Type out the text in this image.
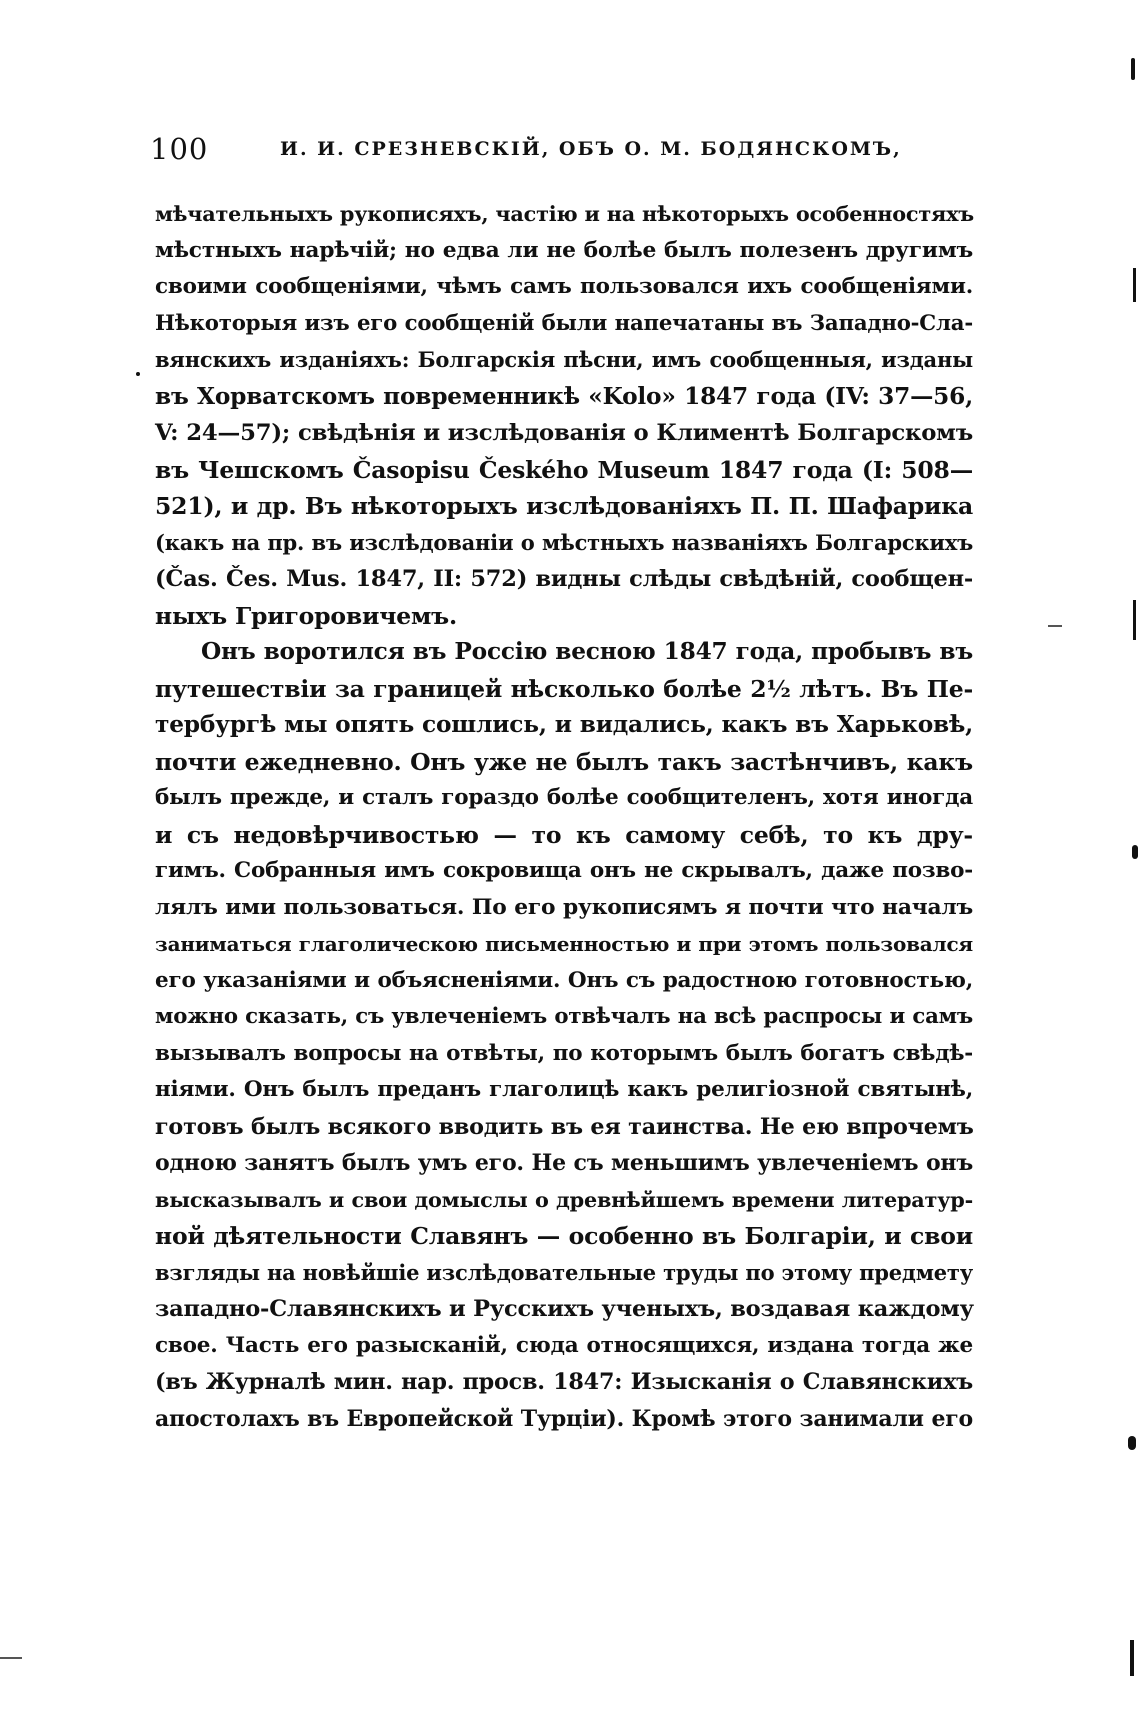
100	И. И. СРЕЗНЕВСКІЙ, ОБЪ О. М. БОДЯНСКОМЪ,
мѣчательныхъ рукописяхъ, частію и на нѣкоторыхъ особенностяхъ
мѣстныхъ нарѣчій; но едва ли не болѣе былъ полезенъ другимъ
своими сообщеніями, чѣмъ самъ пользовался ихъ сообщеніями.
Нѣкоторыя изъ его сообщеній были напечатаны въ Западно-Сла-
вянскихъ изданіяхъ: Болгарскія пѣсни, имъ сообщенныя, изданы
въ Хорватскомъ повременникѣ «Kolo» 1847 года (IV: 37—56,
V: 24—57); свѣдѣнія и изслѣдованія о Климентѣ Болгарскомъ
въ Чешскомъ Časopisu Českého Museum 1847 года (I: 508—
521), и др. Въ нѣкоторыхъ изслѣдованіяхъ П. П. Шафарика
(какъ на пр. въ изслѣдованіи о мѣстныхъ названіяхъ Болгарскихъ
(Čas. Čes. Mus. 1847, II: 572) видны слѣды свѣдѣній, сообщен-
ныхъ Григоровичемъ.
Онъ воротился въ Россію весною 1847 года, пробывъ въ
путешествіи за границей нѣсколько болѣе 2½ лѣтъ. Въ Пе-
тербургѣ мы опять сошлись, и видались, какъ въ Харьковѣ,
почти ежедневно. Онъ уже не былъ такъ застѣнчивъ, какъ
былъ прежде, и сталъ гораздо болѣе сообщителенъ, хотя иногда
и съ недовѣрчивостью — то къ самому себѣ, то къ дру-
гимъ. Собранныя имъ сокровища онъ не скрывалъ, даже позво-
лялъ ими пользоваться. По его рукописямъ я почти что началъ
заниматься глаголическою письменностью и при этомъ пользовался
его указаніями и объясненіями. Онъ съ радостною готовностью,
можно сказать, съ увлеченіемъ отвѣчалъ на всѣ распросы и самъ
вызывалъ вопросы на отвѣты, по которымъ былъ богатъ свѣдѣ-
ніями. Онъ былъ преданъ глаголицѣ какъ религіозной святынѣ,
готовъ былъ всякого вводить въ ея таинства. Не ею впрочемъ
одною занятъ былъ умъ его. Не съ меньшимъ увлеченіемъ онъ
высказывалъ и свои домыслы о древнѣйшемъ времени литератур-
ной дѣятельности Славянъ — особенно въ Болгаріи, и свои
взгляды на новѣйшіе изслѣдовательные труды по этому предмету
западно-Славянскихъ и Русскихъ ученыхъ, воздавая каждому
свое. Часть его разысканій, сюда относящихся, издана тогда же
(въ Журналѣ мин. нар. просв. 1847: Изысканія о Славянскихъ
апостолахъ въ Европейской Турціи). Кромѣ этого занимали его
